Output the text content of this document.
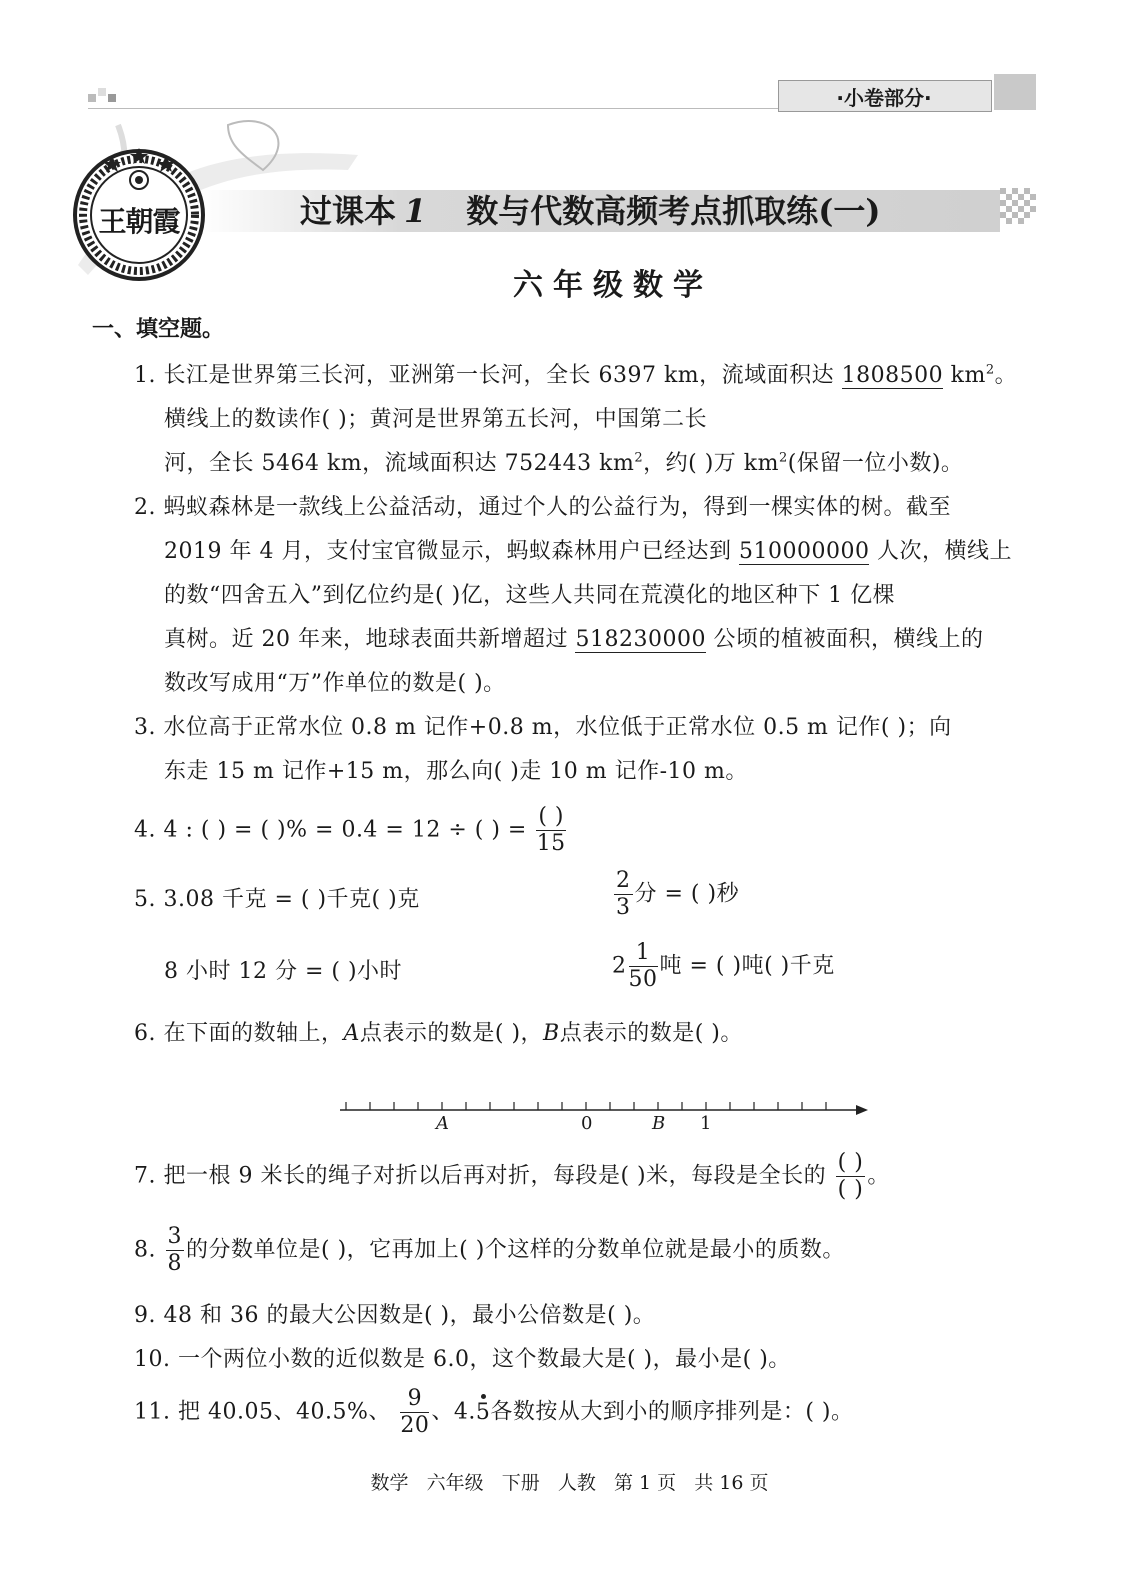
·小卷部分·
王朝霞	过课本 1 数与代数高频考点抓取练(一)
六年级数学
一、填空题。
1. 长江是世界第三长河，亚洲第一长河，全长 6397 km，流域面积达 1808500 $km^2$。
横线上的数读作( )；黄河是世界第五长河，中国第二长
河，全长 5464 km，流域面积达 752443 $km^2$，约( )万 $km^2$(保留一位小数)。
2. 蚂蚁森林是一款线上公益活动，通过个人的公益行为，得到一棵实体的树。截至
2019 年 4 月，支付宝官微显示，蚂蚁森林用户已经达到 510000000 人次，横线上
的数“四舍五入”到亿位约是( )亿，这些人共同在荒漠化的地区种下 1 亿棵
真树。近 20 年来，地球表面共新增超过 518230000 公顷的植被面积，横线上的
数改写成用“万”作单位的数是( )。
3. 水位高于正常水位 0.8 m 记作+0.8 m，水位低于正常水位 0.5 m 记作( )；向
东走 15 m 记作+15 m，那么向( )走 10 m 记作-10 m。
4. 4 : ( ) = ( )% = 0.4 = 12 ÷ ( ) = $\frac{( )}{15}$
5. 3.08 千克 = ( )千克( )克	$\frac{2}{3}$ 分 = ( )秒
8 小时 12 分 = ( )小时	$2 \frac{1}{50}$ 吨 = ( )吨( )千克
6. 在下面的数轴上，A点表示的数是( )，B点表示的数是( )。
A	0	B 1
7. 把一根 9 米长的绳子对折以后再对折，每段是( )米，每段是全长的 $\frac{( )}{( )}$ 。
8. $\frac{3}{8}$ 的分数单位是( )，它再加上( )个这样的分数单位就是最小的质数。
9. 48 和 36 的最大公因数是( )，最小公倍数是( )。
10. 一个两位小数的近似数是 6.0，这个数最大是( )，最小是( )。
11. 把 40.05、40.5%、 $\frac{9}{20}$ 、4.5
各数按从大到小的顺序排列是：( )。
数学   六年级   下册   人教   第 1 页   共 16 页
